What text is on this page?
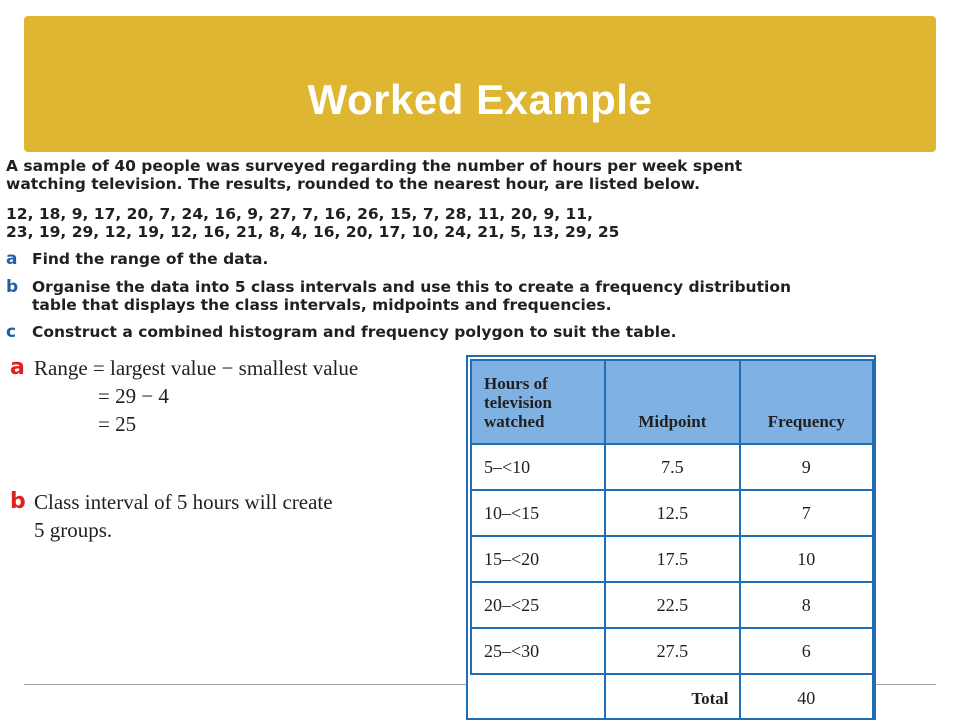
Worked Example
A sample of 40 people was surveyed regarding the number of hours per week spent
watching television. The results, rounded to the nearest hour, are listed below.
12, 18, 9, 17, 20, 7, 24, 16, 9, 27, 7, 16, 26, 15, 7, 28, 11, 20, 9, 11,
23, 19, 29, 12, 19, 12, 16, 21, 8, 4, 16, 20, 17, 10, 24, 21, 5, 13, 29, 25
a Find the range of the data.
b Organise the data into 5 class intervals and use this to create a frequency distribution
table that displays the class intervals, midpoints and frequencies.
c Construct a combined histogram and frequency polygon to suit the table.
a Range = largest value − smallest value
= 29 − 4
= 25
b Class interval of 5 hours will create
5 groups.
Hours of
television
watched	Midpoint	Frequency
5–<10	7.5	9
10–<15	12.5	7
15–<20	17.5	10
20–<25	22.5	8
25–<30	27.5	6
	Total	40
